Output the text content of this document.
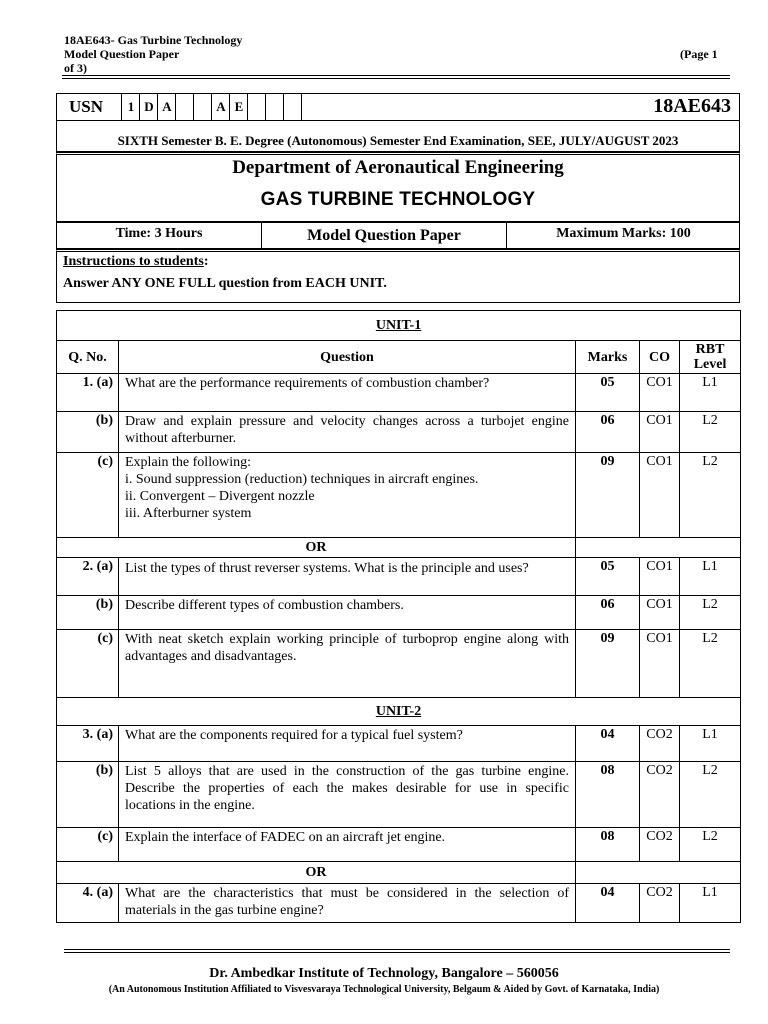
18AE643- Gas Turbine Technology
Model Question Paper
of 3)
(Page 1
USN	1 D A	A E	18AE643
SIXTH Semester B. E. Degree (Autonomous) Semester End Examination, SEE, JULY/AUGUST 2023
Department of Aeronautical Engineering
GAS TURBINE TECHNOLOGY
Time: 3 Hours	Model Question Paper	Maximum Marks: 100
Instructions to students:
Answer ANY ONE FULL question from EACH UNIT.
UNIT-1				
Q. No.	Question	Marks	CO	RBT Level
1. (a)	What are the performance requirements of combustion chamber?	05	CO1	L1
(b)	Draw and explain pressure and velocity changes across a turbojet engine without afterburner.	06	CO1	L2
(c)	Explain the following:
i. Sound suppression (reduction) techniques in aircraft engines.
ii. Convergent – Divergent nozzle
iii. Afterburner system	09	CO1	L2
OR				
2. (a)	List the types of thrust reverser systems. What is the principle and uses?	05	CO1	L1
(b)	Describe different types of combustion chambers.	06	CO1	L2
(c)	With neat sketch explain working principle of turboprop engine along with advantages and disadvantages.	09	CO1	L2
UNIT-2				
3. (a)	What are the components required for a typical fuel system?	04	CO2	L1
(b)	List 5 alloys that are used in the construction of the gas turbine engine. Describe the properties of each the makes desirable for use in specific locations in the engine.	08	CO2	L2
(c)	Explain the interface of FADEC on an aircraft jet engine.	08	CO2	L2
OR				
4. (a)	What are the characteristics that must be considered in the selection of materials in the gas turbine engine?	04	CO2	L1
Dr. Ambedkar Institute of Technology, Bangalore – 560056
(An Autonomous Institution Affiliated to Visvesvaraya Technological University, Belgaum & Aided by Govt. of Karnataka, India)
